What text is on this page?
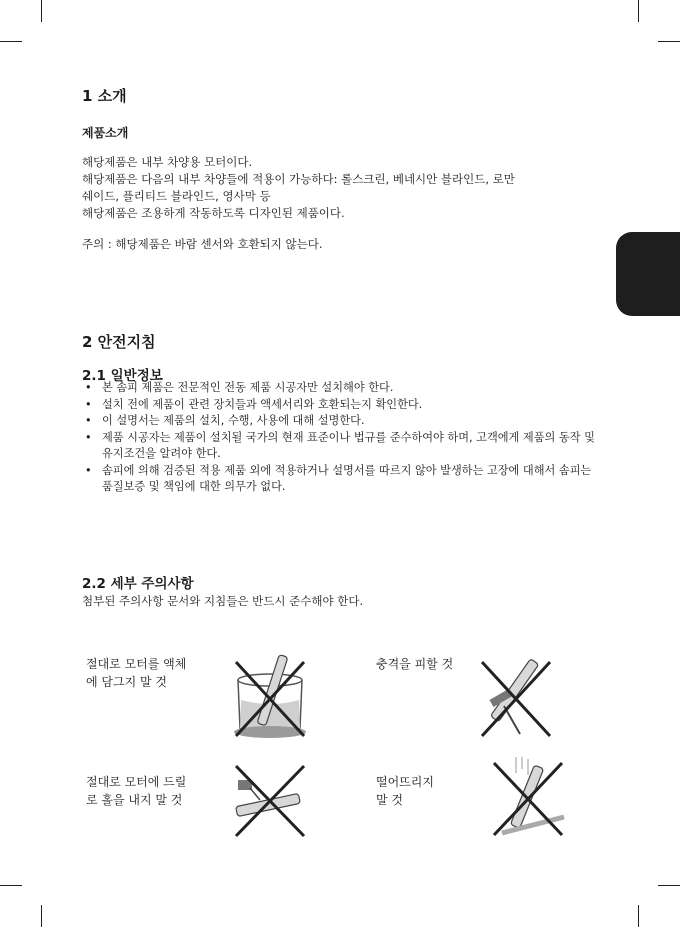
1 소개
제품소개

해당제품은 내부 차양용 모터이다.

해당제품은 다음의 내부 차양들에 적용이 가능하다: 롤스크린, 베네시안 블라인드, 로만

쉐이드, 플리티드 블라인드, 영사막 등

해당제품은 조용하게 작동하도록 디자인된 제품이다.

주의 : 해당제품은 바람 센서와 호환되지 않는다.

2 안전지침
2.1 일반정보
• 본 솜피 제품은 전문적인 전동 제품 시공자만 설치해야 한다.
• 설치 전에 제품이 관련 장치들과 액세서리와 호환되는지 확인한다.
• 이 설명서는 제품의 설치, 수행, 사용에 대해 설명한다.
• 제품 시공자는 제품이 설치될 국가의 현재 표준이나 법규를 준수하여야 하며, 고객에게 제품의 동작 및 유지조건을 알려야 한다.
• 솜피에 의해 검증된 적용 제품 외에 적용하거나 설명서를 따르지 않아 발생하는 고장에 대해서 솜피는 품질보증 및 책임에 대한 의무가 없다.
2.2 세부 주의사항

첨부된 주의사항 문서와 지침들은 반드시 준수해야 한다.

절대로 모터를 액체
에 담그지 말 것
충격을 피할 것
절대로 모터에 드릴
로 홀을 내지 말 것
떨어뜨리지
말 것
